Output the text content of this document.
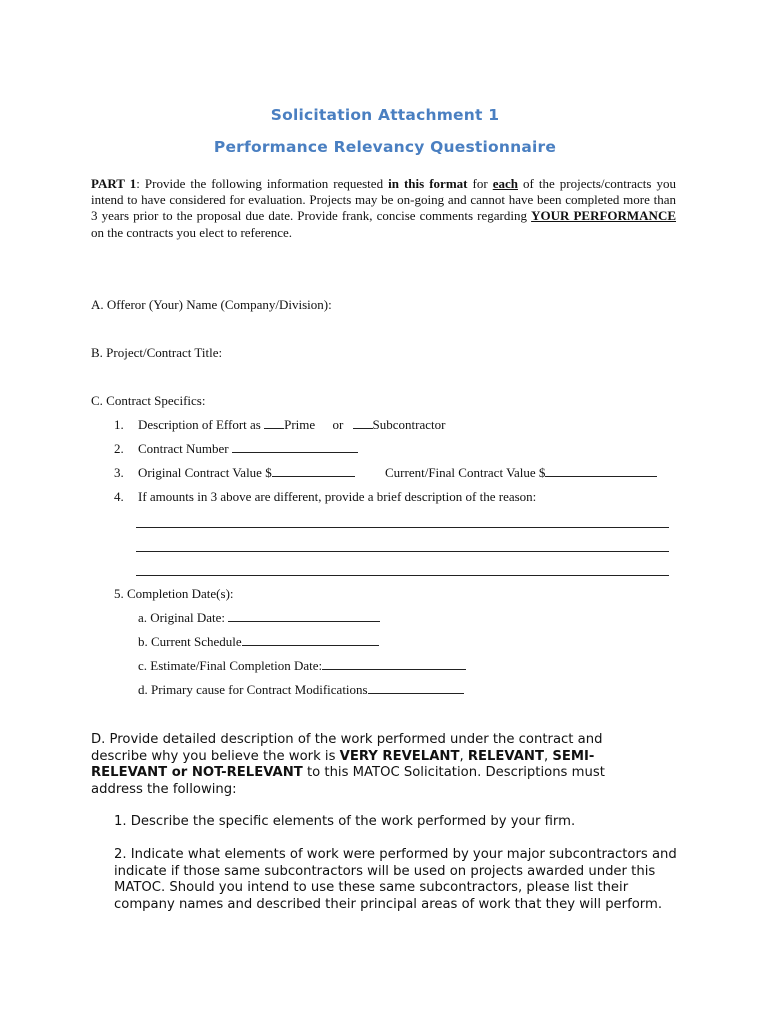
Solicitation Attachment 1
Performance Relevancy Questionnaire
PART 1: Provide the following information requested in this format for each of the projects/contracts you intend to have considered for evaluation. Projects may be on-going and cannot have been completed more than 3 years prior to the proposal due date. Provide frank, concise comments regarding YOUR PERFORMANCE on the contracts you elect to reference.
A. Offeror (Your) Name (Company/Division):
B. Project/Contract Title:
C. Contract Specifics:
1. Description of Effort as Prime or Subcontractor
2. Contract Number
3. Original Contract Value $	Current/Final Contract Value $
4. If amounts in 3 above are different, provide a brief description of the reason:
5. Completion Date(s):
a. Original Date:
b. Current Schedule
c. Estimate/Final Completion Date:
d. Primary cause for Contract Modifications
D. Provide detailed description of the work performed under the contract and describe why you believe the work is VERY REVELANT, RELEVANT, SEMI-RELEVANT or NOT-RELEVANT to this MATOC Solicitation. Descriptions must address the following:
1. Describe the specific elements of the work performed by your firm.
2. Indicate what elements of work were performed by your major subcontractors and indicate if those same subcontractors will be used on projects awarded under this MATOC. Should you intend to use these same subcontractors, please list their company names and described their principal areas of work that they will perform.
